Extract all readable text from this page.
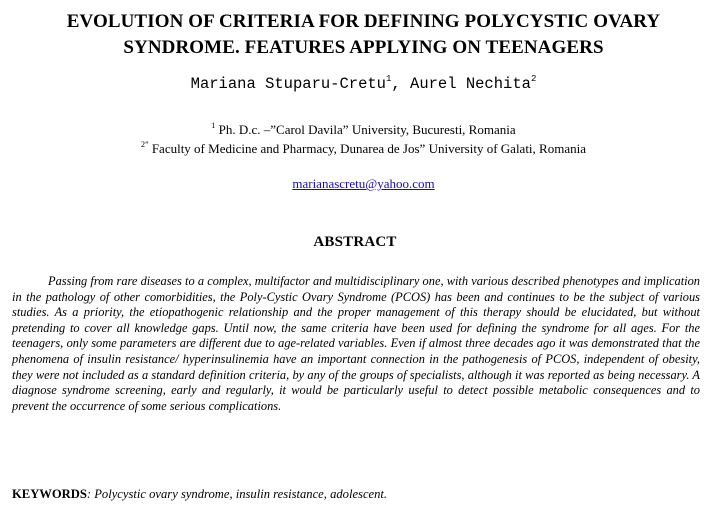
EVOLUTION OF CRITERIA FOR DEFINING POLYCYSTIC OVARY
SYNDROME. FEATURES APPLYING ON TEENAGERS
Mariana Stuparu-Cretu$^1$, Aurel Nechita$^2$
$^1$ Ph. D.c. –”Carol Davila” University, Bucuresti, Romania
$^{2”}$ Faculty of Medicine and Pharmacy, Dunarea de Jos” University of Galati, Romania
marianascretu@yahoo.com
ABSTRACT

Passing from rare diseases to a complex, multifactor and multidisciplinary one, with various described phenotypes and implication in the pathology of other comorbidities, the Poly-Cystic Ovary Syndrome (PCOS) has been and continues to be the subject of various studies. As a priority, the etiopathogenic relationship and the proper management of this therapy should be elucidated, but without pretending to cover all knowledge gaps. Until now, the same criteria have been used for defining the syndrome for all ages. For the teenagers, only some parameters are different due to age-related variables. Even if almost three decades ago it was demonstrated that the phenomena of insulin resistance/ hyperinsulinemia have an important connection in the pathogenesis of PCOS, independent of obesity, they were not included as a standard definition criteria, by any of the groups of specialists, although it was reported as being necessary. A diagnose syndrome screening, early and regularly, it would be particularly useful to detect possible metabolic consequences and to prevent the occurrence of some serious complications.

KEYWORDS: Polycystic ovary syndrome, insulin resistance, adolescent.
